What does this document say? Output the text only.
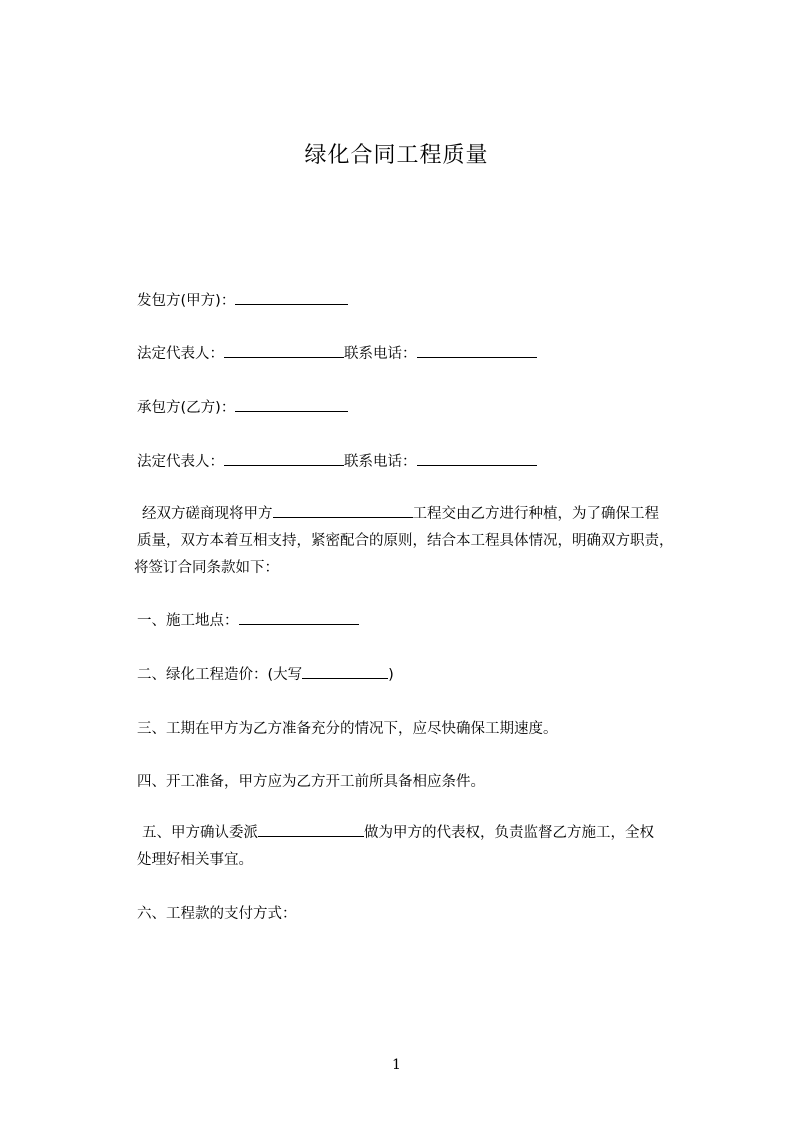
绿化合同工程质量
发包方(甲方)：
法定代表人：	联系电话：
承包方(乙方)：
法定代表人：	联系电话：
经双方磋商现将甲方	工程交由乙方进行种植，为了确保工程
质量，双方本着互相支持，紧密配合的原则，结合本工程具体情况，明确双方职责，
将签订合同条款如下：
一、施工地点：
二、绿化工程造价：(大写	)
三、工期在甲方为乙方准备充分的情况下，应尽快确保工期速度。
四、开工准备，甲方应为乙方开工前所具备相应条件。
五、甲方确认委派	做为甲方的代表权，负责监督乙方施工，全权
处理好相关事宜。
六、工程款的支付方式：
1
